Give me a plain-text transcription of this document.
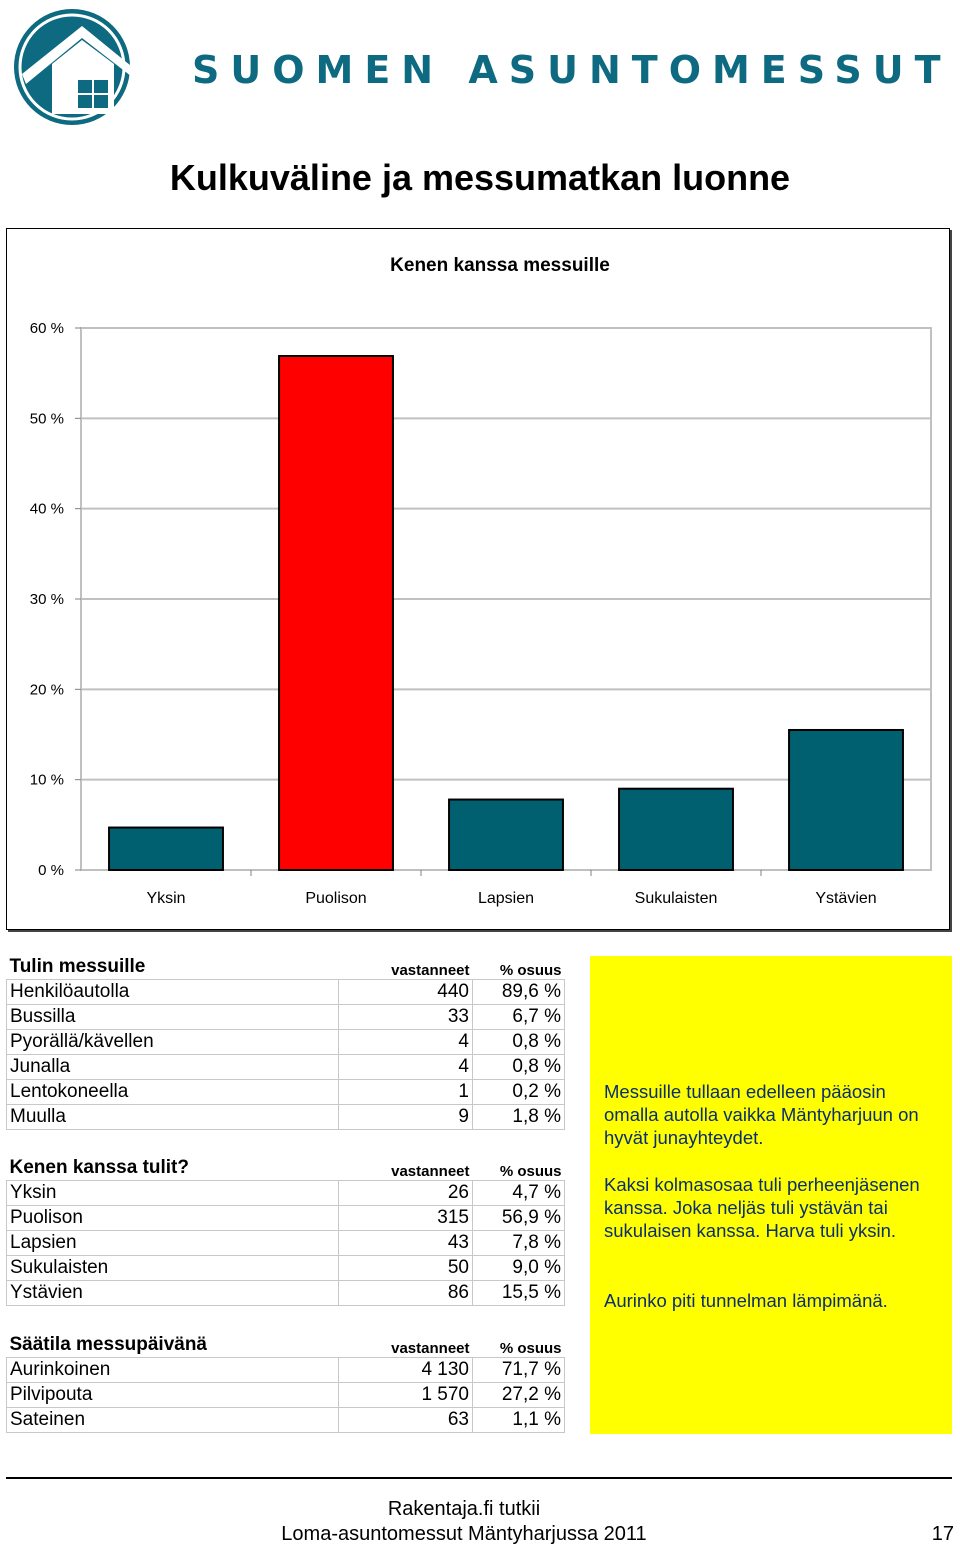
SUOMEN ASUNTOMESSUT
Kulkuväline ja messumatkan luonne
Kenen kanssa messuille
0 %
10 %
20 %
30 %
40 %
50 %
60 %
Yksin	Puolison	Lapsien	Sukulaisten	Ystävien
Tulin messuille	vastanneet	% osuus
Henkilöautolla	440	89,6 %
Bussilla	33	6,7 %
Pyorällä/kävellen	4	0,8 %
Junalla	4	0,8 %
Lentokoneella	1	0,2 %
Muulla	9	1,8 %
Kenen kanssa tulit?	vastanneet	% osuus
Yksin	26	4,7 %
Puolison	315	56,9 %
Lapsien	43	7,8 %
Sukulaisten	50	9,0 %
Ystävien	86	15,5 %
Säätila messupäivänä	vastanneet	% osuus
Aurinkoinen	4 130	71,7 %
Pilvipouta	1 570	27,2 %
Sateinen	63	1,1 %

Messuille tullaan edelleen pääosin omalla autolla vaikka Mäntyharjuun on hyvät junayhteydet.

Kaksi kolmasosaa tuli perheenjäsenen kanssa. Joka neljäs tuli ystävän tai sukulaisen kanssa. Harva tuli yksin.

Aurinko piti tunnelman lämpimänä.

Rakentaja.fi tutkii
Loma-asuntomessut Mäntyharjussa 2011	17
